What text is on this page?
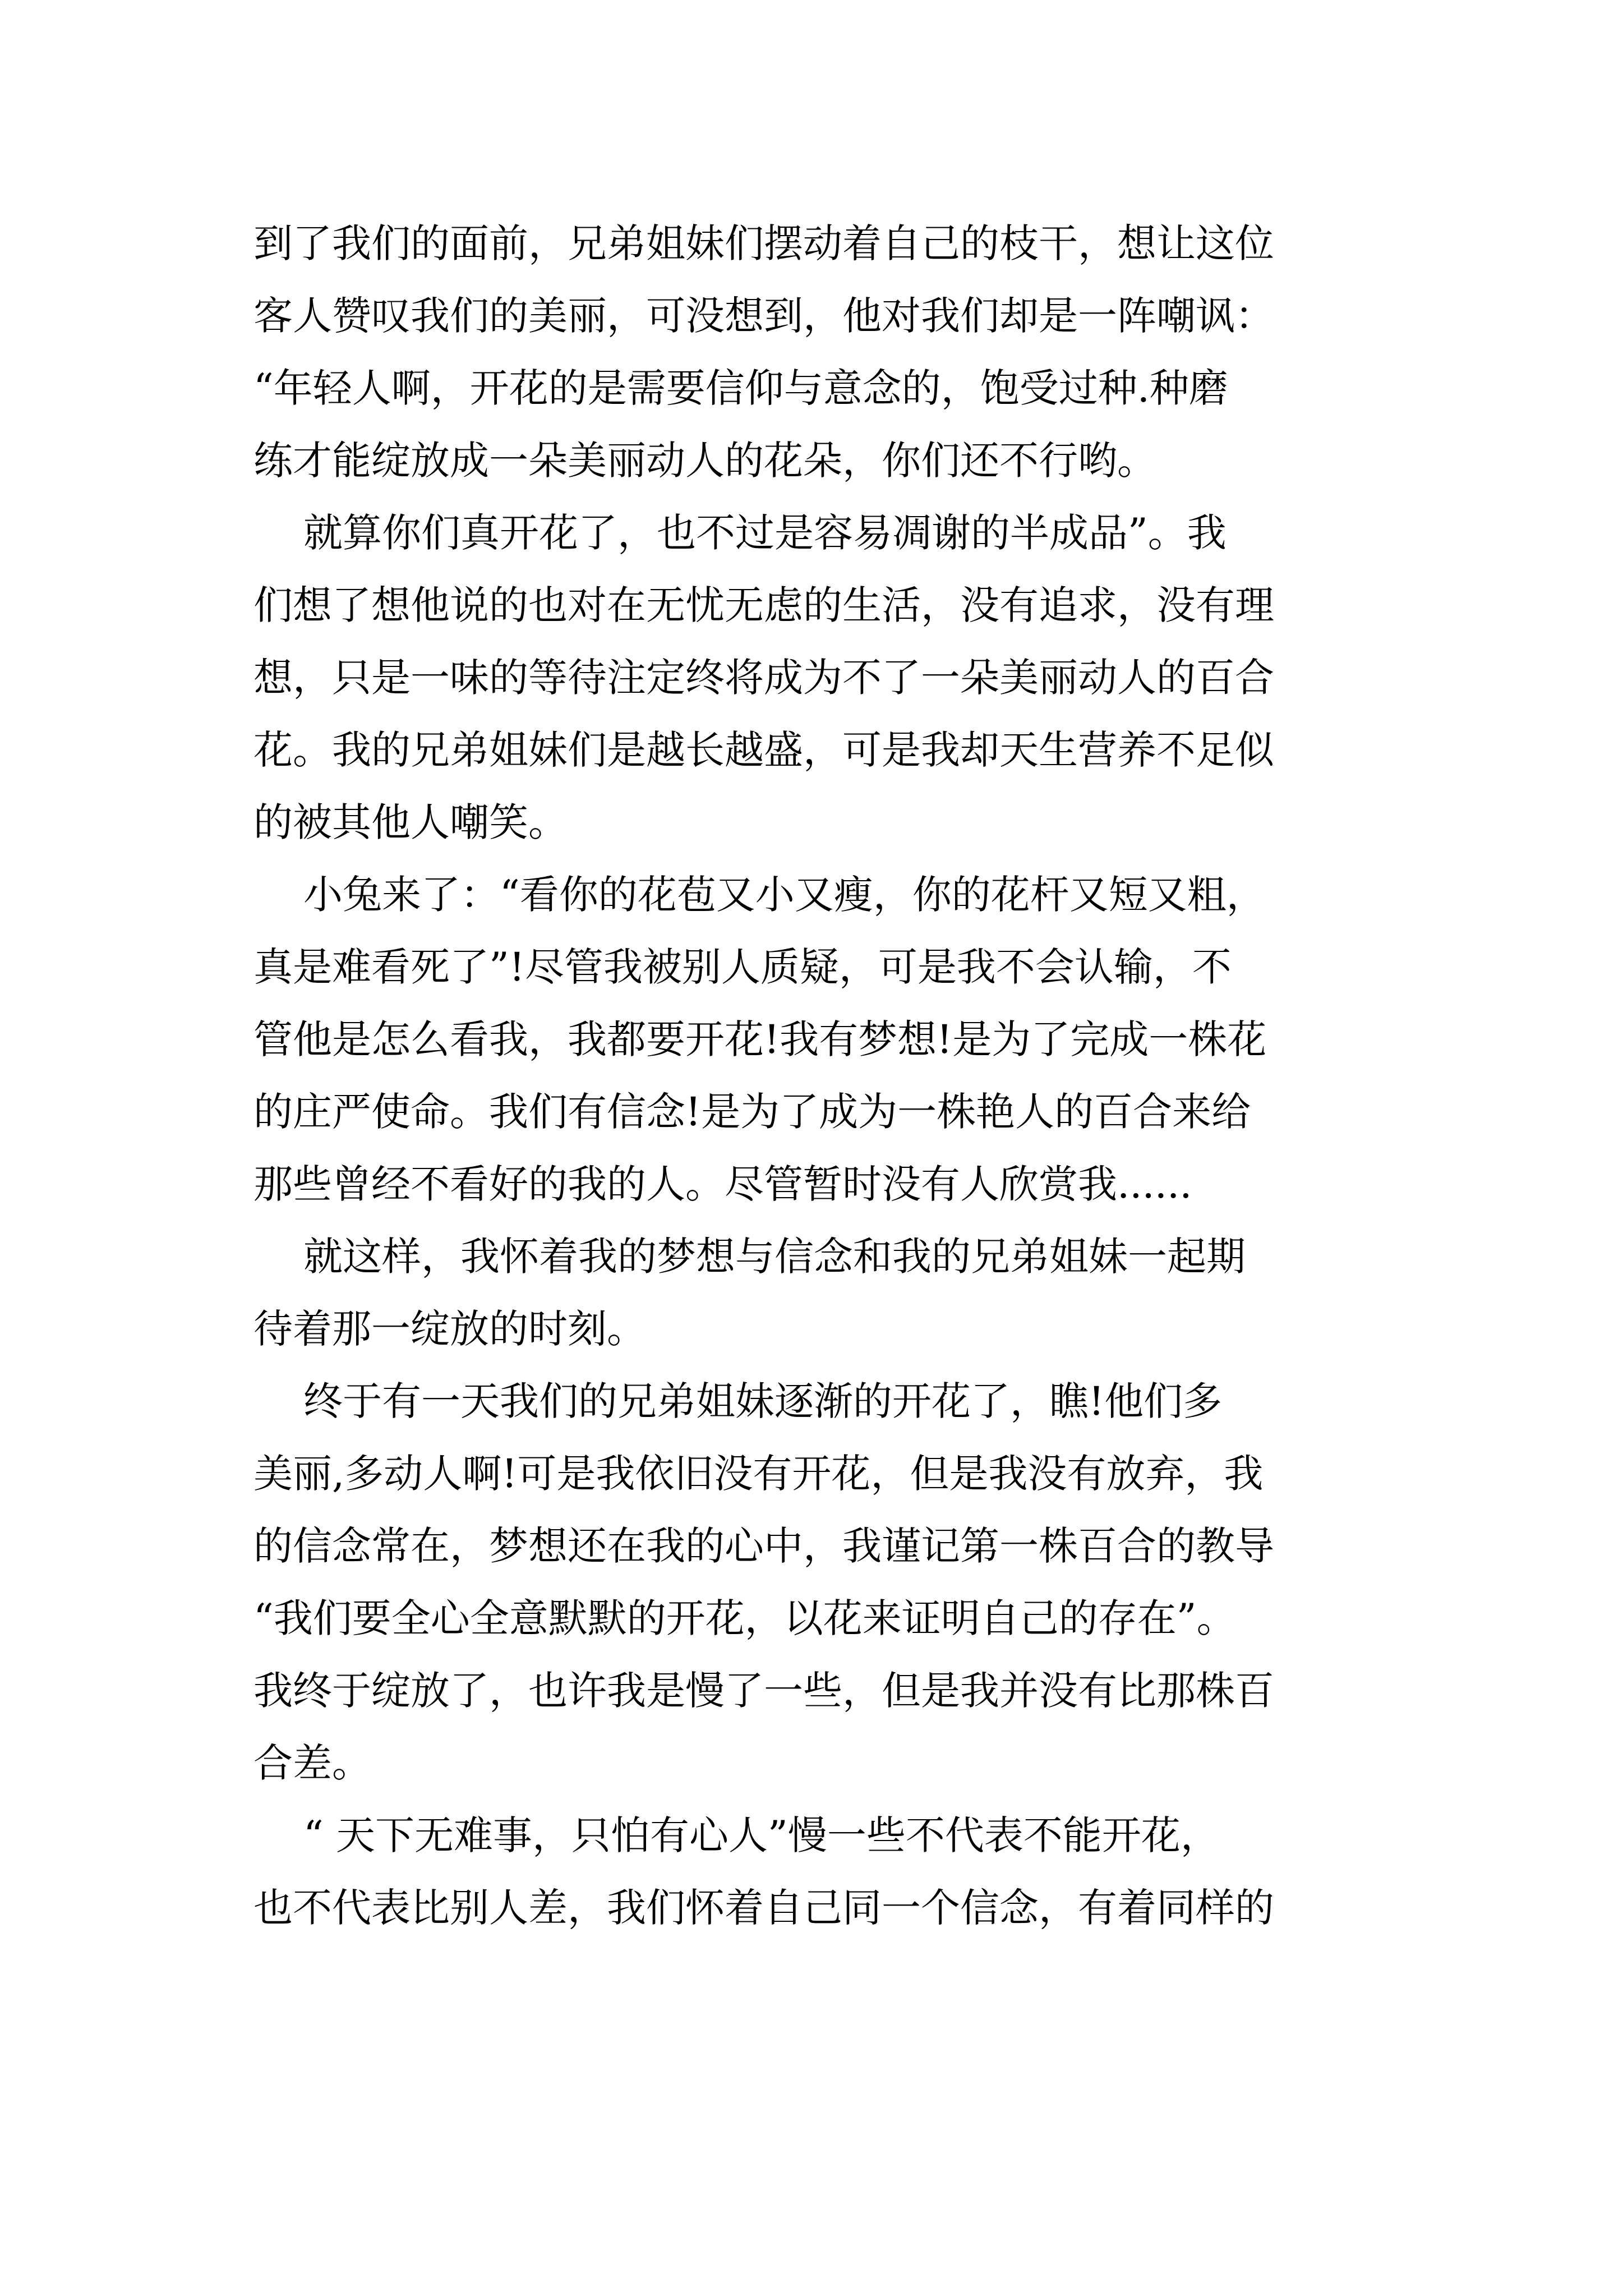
到了我们的面前，兄弟姐妹们摆动着自己的枝干，想让这位
客人赞叹我们的美丽，可没想到，他对我们却是一阵嘲讽：
“年轻人啊，开花的是需要信仰与意念的，饱受过种.种磨
练才能绽放成一朵美丽动人的花朵，你们还不行哟。
就算你们真开花了，也不过是容易凋谢的半成品”。我
们想了想他说的也对在无忧无虑的生活，没有追求，没有理
想，只是一味的等待注定终将成为不了一朵美丽动人的百合
花。我的兄弟姐妹们是越长越盛，可是我却天生营养不足似
的被其他人嘲笑。
小兔来了：“看你的花苞又小又瘦，你的花杆又短又粗，
真是难看死了”!尽管我被别人质疑，可是我不会认输，不
管他是怎么看我，我都要开花!我有梦想!是为了完成一株花
的庄严使命。我们有信念!是为了成为一株艳人的百合来给
那些曾经不看好的我的人。尽管暂时没有人欣赏我......
就这样，我怀着我的梦想与信念和我的兄弟姐妹一起期
待着那一绽放的时刻。
终于有一天我们的兄弟姐妹逐渐的开花了，瞧!他们多
美丽,多动人啊!可是我依旧没有开花，但是我没有放弃，我
的信念常在，梦想还在我的心中，我谨记第一株百合的教导
“我们要全心全意默默的开花，以花来证明自己的存在”。
我终于绽放了，也许我是慢了一些，但是我并没有比那株百
合差。
“ 天下无难事，只怕有心人”慢一些不代表不能开花，
也不代表比别人差，我们怀着自己同一个信念，有着同样的
